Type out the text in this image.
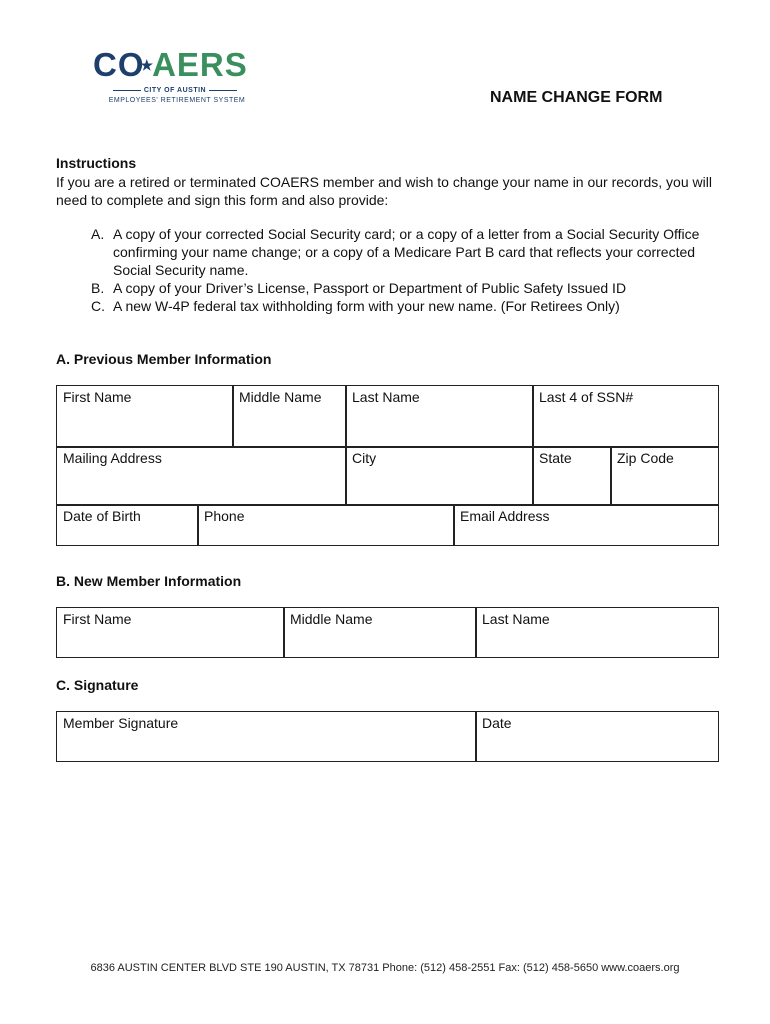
CO★AERS
CITY OF AUSTIN
EMPLOYEES' RETIREMENT SYSTEM	NAME CHANGE FORM
Instructions
If you are a retired or terminated COAERS member and wish to change your name in our records, you will need to complete and sign this form and also provide:
A. A copy of your corrected Social Security card; or a copy of a letter from a Social Security Office confirming your name change; or a copy of a Medicare Part B card that reflects your corrected Social Security name.
B. A copy of your Driver’s License, Passport or Department of Public Safety Issued ID
C. A new W-4P federal tax withholding form with your new name. (For Retirees Only)
A. Previous Member Information
First Name	Middle Name	Last Name	Last 4 of SSN#
Mailing Address	City	State	Zip Code
Date of Birth	Phone	Email Address
B. New Member Information
First Name	Middle Name	Last Name
C. Signature
Member Signature	Date
6836 AUSTIN CENTER BLVD STE 190 AUSTIN, TX 78731 Phone: (512) 458-2551 Fax: (512) 458-5650 www.coaers.org
